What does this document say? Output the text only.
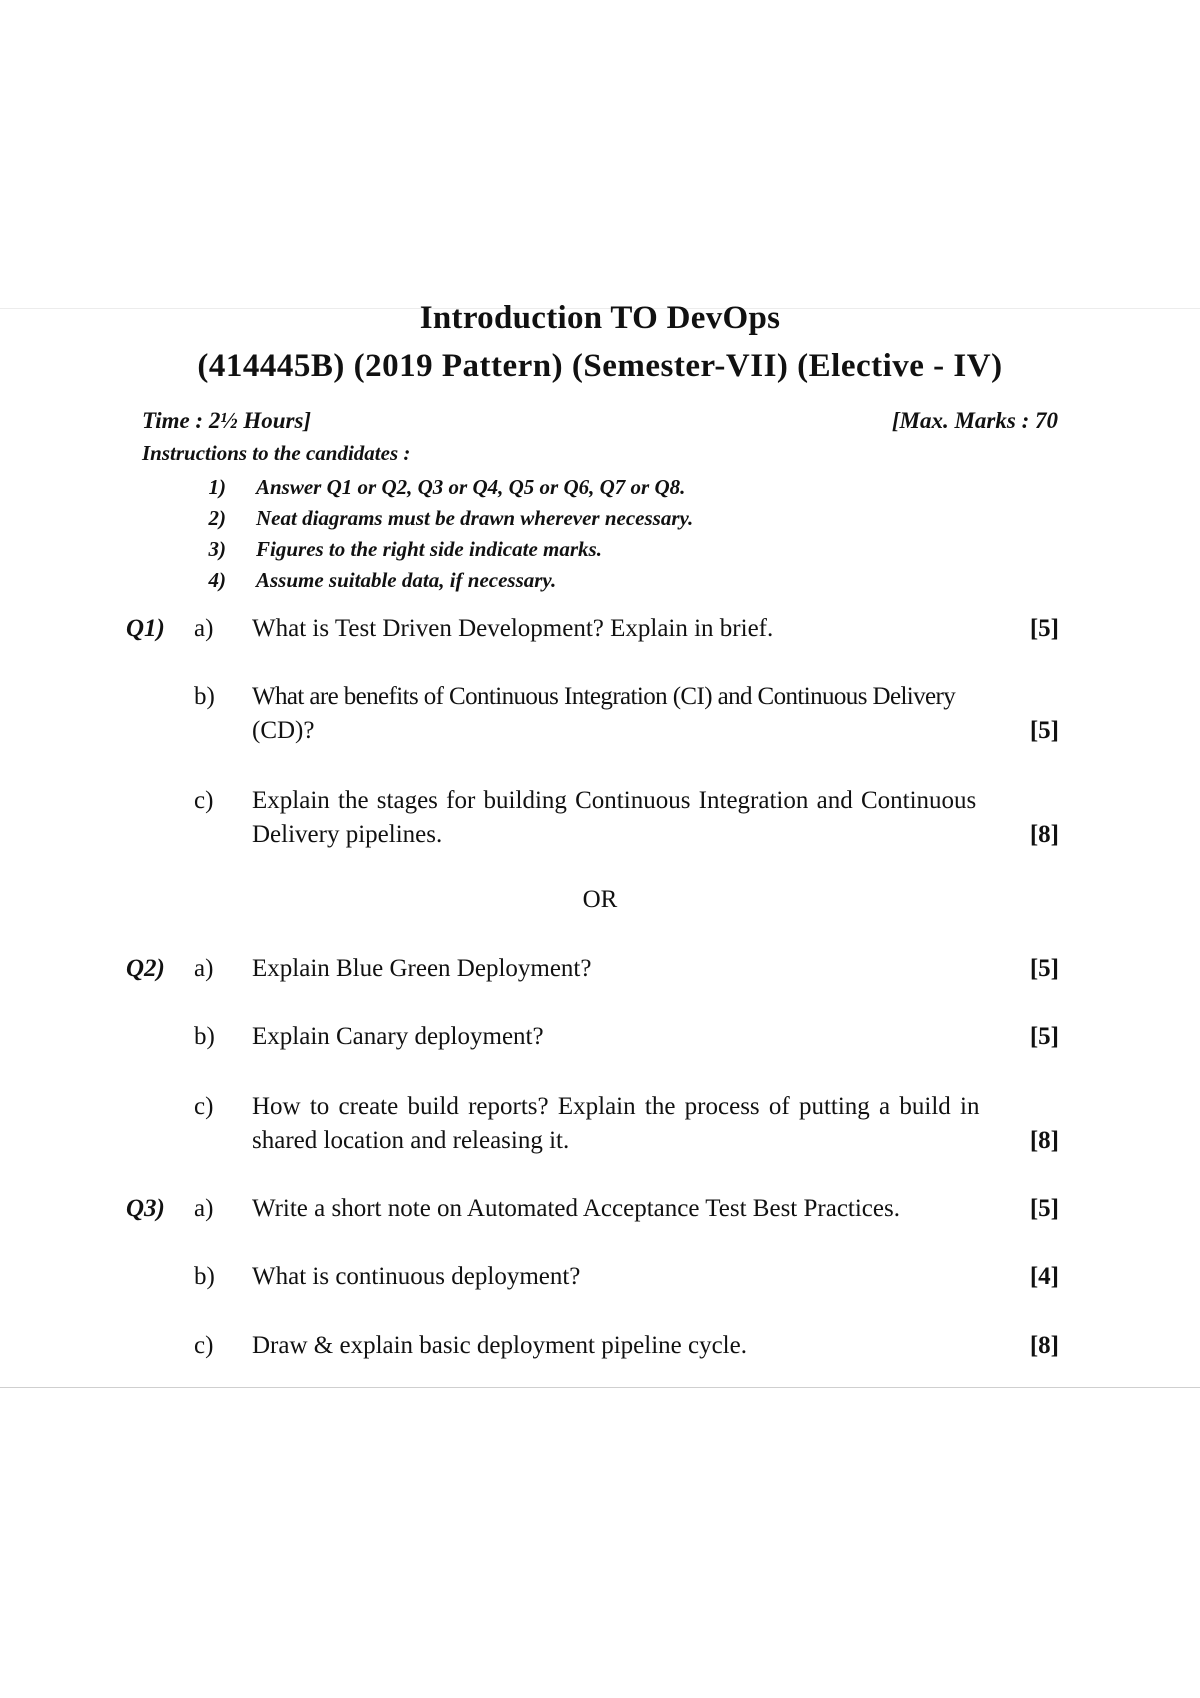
Introduction TO DevOps
(414445B) (2019 Pattern) (Semester-VII) (Elective - IV)
Time : 2½ Hours]	[Max. Marks : 70
Instructions to the candidates :
1) Answer Q1 or Q2, Q3 or Q4, Q5 or Q6, Q7 or Q8.
2) Neat diagrams must be drawn wherever necessary.
3) Figures to the right side indicate marks.
4) Assume suitable data, if necessary.
Q1) a) What is Test Driven Development? Explain in brief.	[5]
b) What are benefits of Continuous Integration (CI) and Continuous Delivery
(CD)?	[5]
c) Explain the stages for building Continuous Integration and Continuous
Delivery pipelines.	[8]
OR
Q2) a) Explain Blue Green Deployment?	[5]
b) Explain Canary deployment?	[5]
c) How to create build reports? Explain the process of putting a build in
shared location and releasing it.	[8]
Q3) a) Write a short note on Automated Acceptance Test Best Practices.	[5]
b) What is continuous deployment?	[4]
c) Draw & explain basic deployment pipeline cycle.	[8]
